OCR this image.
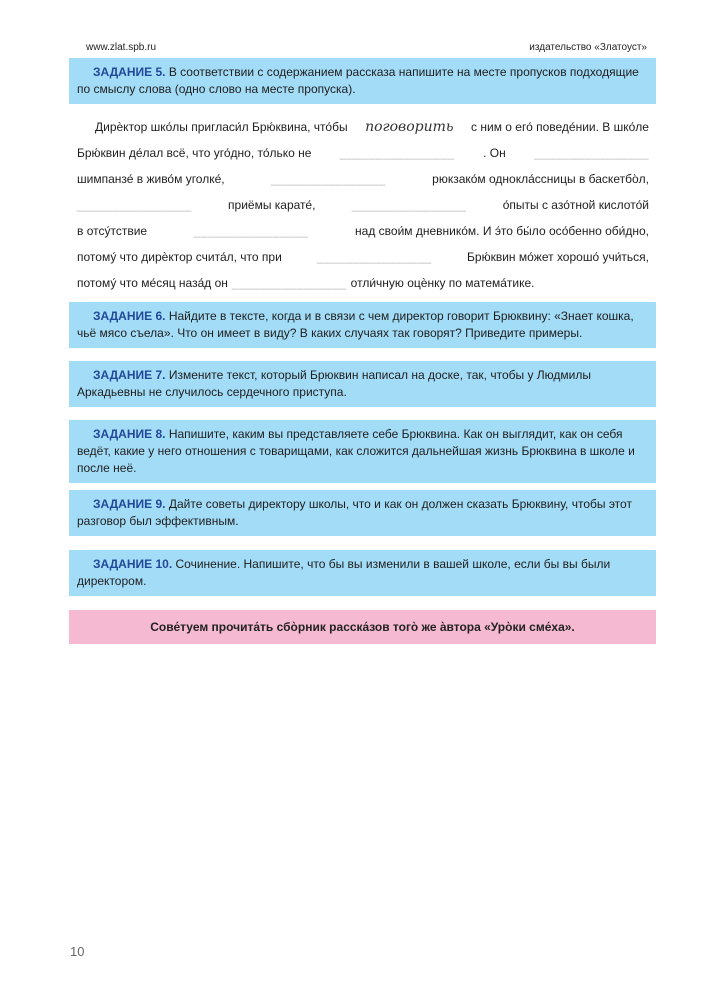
www.zlat.spb.ru	издательство «Златоуст»
ЗАДАНИЕ 5. В соответствии с содержанием рассказа напишите на месте пропусков подходящие по смыслу слова (одно слово на месте пропуска).
Дирѐктор шко́лы пригласи́л Брю́квина, что́бы поговорить с ним о его́ поведе́нии. В шко́ле
Брю́квин де́лал всё, что уго́дно, то́лько не ________________ . Он ________________
шимпанзе́ в живо́м уголке́,	________________	рюкзако́м однокла́ссницы в баскетбо̀л,
________________	приёмы карате́,	________________	о́пыты с азо́тной кислото́й
в отсу́тствие	________________	над свои́м дневнико́м. И э́то бы́ло осо́бенно оби́дно,
потому́ что дирѐктор счита́л, что при	________________	Брю́квин мо́жет хорошо́ учи́ться,
потому́ что ме́сяц наза́д он ________________ отли́чную оцѐнку по матема́тике.
ЗАДАНИЕ 6. Найдите в тексте, когда и в связи с чем директор говорит Брюквину: «Знает кошка, чьё мясо съела». Что он имеет в виду? В каких случаях так говорят? Приведите примеры.
ЗАДАНИЕ 7. Измените текст, который Брюквин написал на доске, так, чтобы у Людмилы Аркадьевны не случилось сердечного приступа.
ЗАДАНИЕ 8. Напишите, каким вы представляете себе Брюквина. Как он выглядит, как он себя ведёт, какие у него отношения с товарищами, как сложится дальнейшая жизнь Брюквина в школе и после неё.
ЗАДАНИЕ 9. Дайте советы директору школы, что и как он должен сказать Брюквину, чтобы этот разговор был эффективным.
ЗАДАНИЕ 10. Сочинение. Напишите, что бы вы изменили в вашей школе, если бы вы были директором.
Сове́туем прочита́ть сбо̀рник расска́зов того̀ же а̀втора «Уро̀ки сме́ха».
10
